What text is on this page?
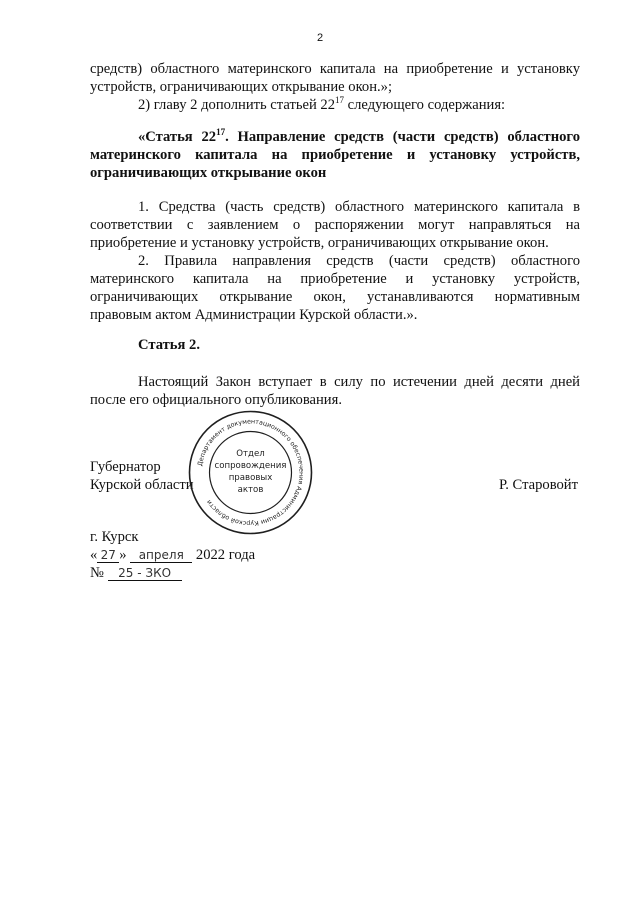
2
средств) областного материнского капитала на приобретение и установку
устройств, ограничивающих открывание окон.»;
2) главу 2 дополнить статьей $22^{17}$ следующего содержания:
«Статья $22^{17}$. Направление средств (части средств) областного
материнского капитала на приобретение и установку устройств,
ограничивающих открывание окон
1. Средства (часть средств) областного материнского капитала в
соответствии с заявлением о распоряжении могут направляться на
приобретение и установку устройств, ограничивающих открывание окон.
2. Правила направления средств (части средств) областного
материнского капитала на приобретение и установку устройств,
ограничивающих открывание окон, устанавливаются нормативным
правовым актом Администрации Курской области.».
Статья 2.
Настоящий Закон вступает в силу по истечении дней десяти дней
после его официального опубликования.
Губернатор
Курской области	Р. Старовойт
Департамент документационного обеспечения Администрации Курской области
Отдел
сопровождения
правовых
актов
г. Курск
« 27 » апреля 2022 года
№ 25 - ЗКО
